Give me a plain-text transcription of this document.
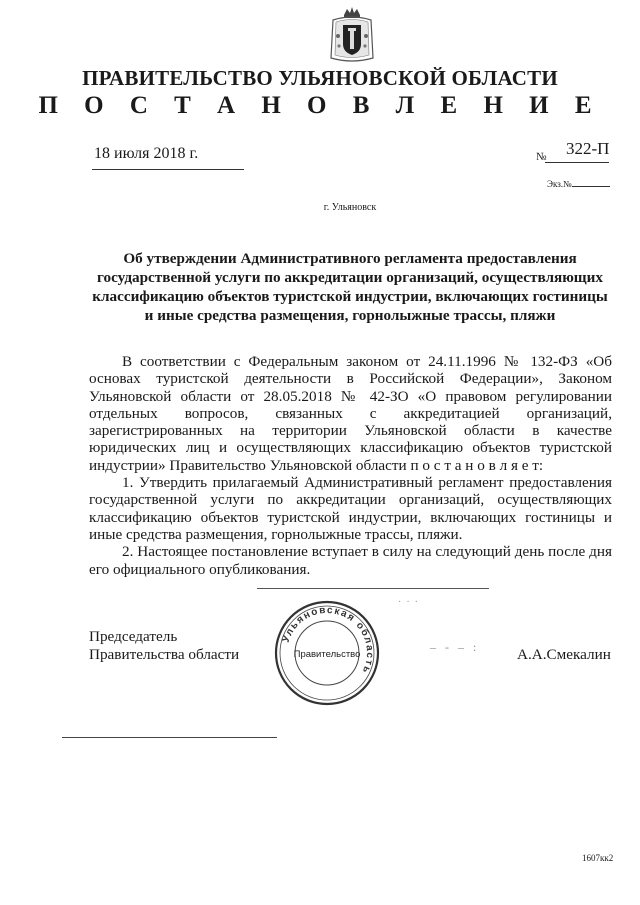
ПРАВИТЕЛЬСТВО УЛЬЯНОВСКОЙ ОБЛАСТИ
П О С Т А Н О В Л Е Н И Е
18 июля 2018 г.	№ 322-П
Экз.№
г. Ульяновск
Об утверждении Административного регламента предоставления
государственной услуги по аккредитации организаций, осуществляющих
классификацию объектов туристской индустрии, включающих гостиницы
и иные средства размещения, горнолыжные трассы, пляжи

В соответствии с Федеральным законом от 24.11.1996 № 132-ФЗ «Об основах туристской деятельности в Российской Федерации», Законом Ульяновской области от 28.05.2018 № 42-ЗО «О правовом регулировании отдельных вопросов, связанных с аккредитацией организаций, зарегистрированных на территории Ульяновской области в качестве юридических лиц и осуществляющих классификацию объектов туристской индустрии» Правительство Ульяновской области п о с т а н о в л я е т:

1. Утвердить прилагаемый Административный регламент предоставления государственной услуги по аккредитации организаций, осуществляющих классификацию объектов туристской индустрии, включающих гостиницы и иные средства размещения, горнолыжные трассы, пляжи.

2. Настоящее постановление вступает в силу на следующий день после дня его официального опубликования.

·  ·  ·
Председатель
Правительства области	– - – : А.А.Смекалин
Ульяновская область
Правительство
1607кк2
